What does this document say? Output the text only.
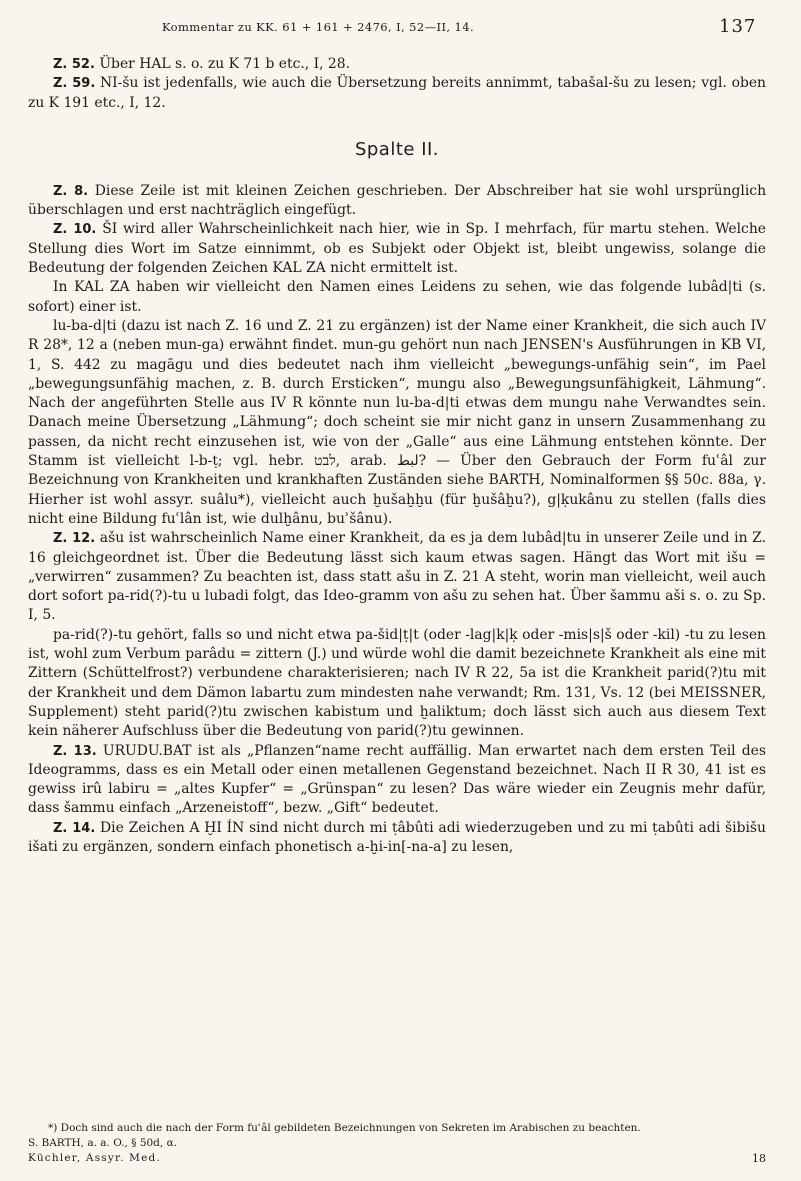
Kommentar zu KK. 61 + 161 + 2476, I, 52—II, 14.	137

Z. 52. Über HAL s. o. zu K 71 b etc., I, 28.

Z. 59. NI-šu ist jedenfalls, wie auch die Übersetzung bereits annimmt, tabašal-šu zu lesen; vgl. oben zu K 191 etc., I, 12.

Spalte II.

Z. 8. Diese Zeile ist mit kleinen Zeichen geschrieben. Der Abschreiber hat sie wohl ursprünglich überschlagen und erst nachträglich eingefügt.

Z. 10. ŠI wird aller Wahrscheinlichkeit nach hier, wie in Sp. I mehrfach, für martu stehen. Welche Stellung dies Wort im Satze einnimmt, ob es Subjekt oder Objekt ist, bleibt ungewiss, solange die Bedeutung der folgenden Zeichen KAL ZA nicht ermittelt ist.

In KAL ZA haben wir vielleicht den Namen eines Leidens zu sehen, wie das folgende lubâd|ti (s. sofort) einer ist.

lu-ba-d|ti (dazu ist nach Z. 16 und Z. 21 zu ergänzen) ist der Name einer Krankheit, die sich auch IV R 28*, 12 a (neben mun-ga) erwähnt findet. mun-gu gehört nun nach JENSEN's Ausführungen in KB VI, 1, S. 442 zu magāgu und dies bedeutet nach ihm vielleicht „bewegungs-unfähig sein“, im Pael „bewegungsunfähig machen, z. B. durch Ersticken“, mungu also „Bewegungsunfähigkeit, Lähmung“. Nach der angeführten Stelle aus IV R könnte nun lu-ba-d|ti etwas dem mungu nahe Verwandtes sein. Danach meine Übersetzung „Lähmung“; doch scheint sie mir nicht ganz in unsern Zusammenhang zu passen, da nicht recht einzusehen ist, wie von der „Galle“ aus eine Lähmung entstehen könnte. Der Stamm ist vielleicht l-b-ṭ; vgl. hebr. לבט, arab. لبط? — Über den Gebrauch der Form fuʿâl zur Bezeichnung von Krankheiten und krankhaften Zuständen siehe BARTH, Nominalformen §§ 50c. 88a, γ. Hierher ist wohl assyr. suâlu*), vielleicht auch ḫušaḫḫu (für ḫušâḫu?), g|ḳukânu zu stellen (falls dies nicht eine Bildung fuʿlân ist, wie dulḫânu, buʾšânu).

Z. 12. ašu ist wahrscheinlich Name einer Krankheit, da es ja dem lubâd|tu in unserer Zeile und in Z. 16 gleichgeordnet ist. Über die Bedeutung lässt sich kaum etwas sagen. Hängt das Wort mit išu = „verwirren“ zusammen? Zu beachten ist, dass statt ašu in Z. 21 A steht, worin man vielleicht, weil auch dort sofort pa-rid(?)-tu u lubadi folgt, das Ideo-gramm von ašu zu sehen hat. Über šammu aši s. o. zu Sp. I, 5.

pa-rid(?)-tu gehört, falls so und nicht etwa pa-šid|ṭ|t (oder -lag|k|ḳ oder -mis|s|š oder -kil) -tu zu lesen ist, wohl zum Verbum parâdu = zittern (J.) und würde wohl die damit bezeichnete Krankheit als eine mit Zittern (Schüttelfrost?) verbundene charakterisieren; nach IV R 22, 5a ist die Krankheit parid(?)tu mit der Krankheit und dem Dämon labartu zum mindesten nahe verwandt; Rm. 131, Vs. 12 (bei MEISSNER, Supplement) steht parid(?)tu zwischen kabistum und ḫaliktum; doch lässt sich auch aus diesem Text kein näherer Aufschluss über die Bedeutung von parid(?)tu gewinnen.

Z. 13. URUDU.BAT ist als „Pflanzen“name recht auffällig. Man erwartet nach dem ersten Teil des Ideogramms, dass es ein Metall oder einen metallenen Gegenstand bezeichnet. Nach II R 30, 41 ist es gewiss irû labiru = „altes Kupfer“ = „Grünspan“ zu lesen? Das wäre wieder ein Zeugnis mehr dafür, dass šammu einfach „Arzeneistoff“, bezw. „Gift“ bedeutet.

Z. 14. Die Zeichen A ḪI ÍN sind nicht durch mi ṭâbûti adi wiederzugeben und zu mi ṭabûti adi šibišu išati zu ergänzen, sondern einfach phonetisch a-ḫi-in[-na-a] zu lesen,

*) Doch sind auch die nach der Form fuʿâl gebildeten Bezeichnungen von Sekreten im Arabischen zu beachten.

S. BARTH, a. a. O., § 50d, α.

Küchler, Assyr. Med.	18
